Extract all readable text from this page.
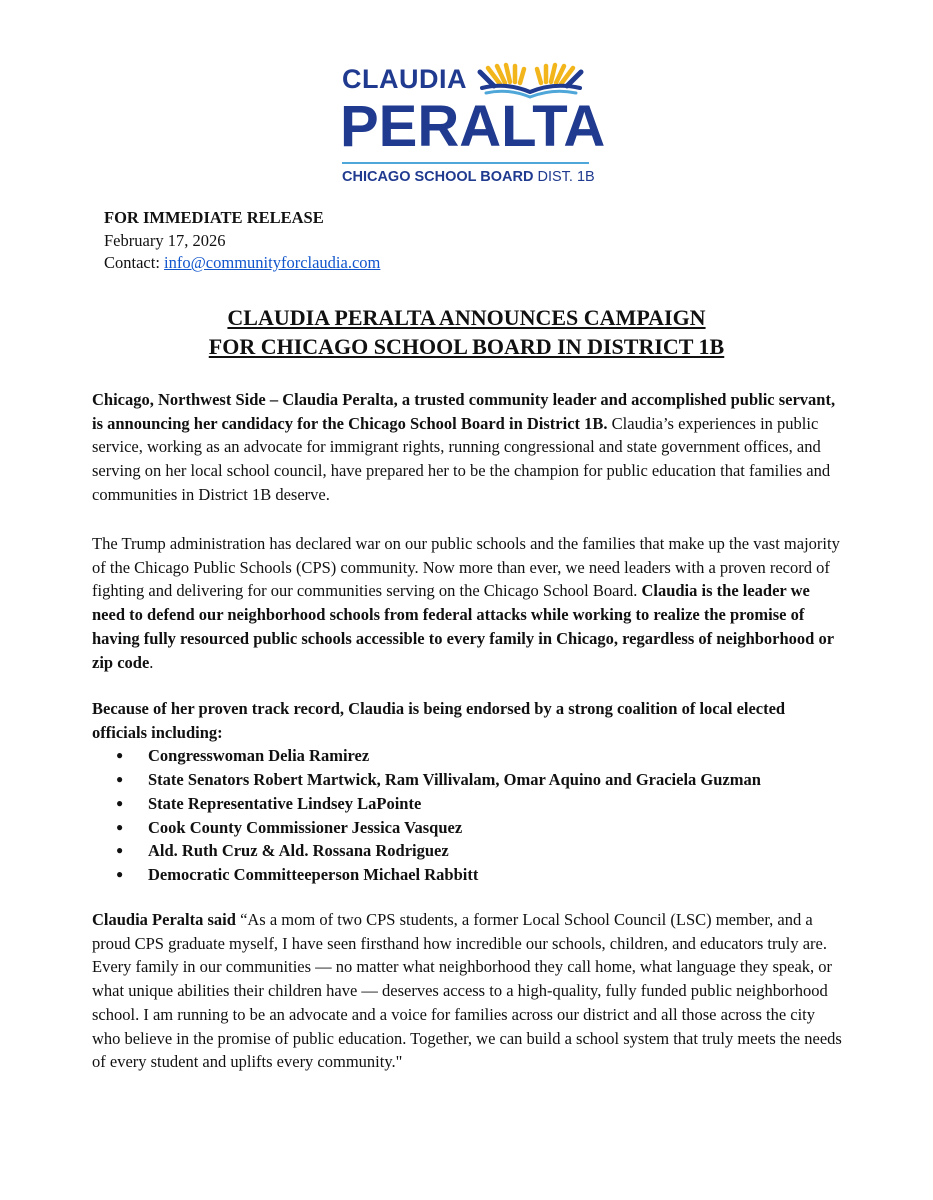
CLAUDIA
PERALTA
CHICAGO SCHOOL BOARD DIST. 1B
FOR IMMEDIATE RELEASE
February 17, 2026
Contact: info@communityforclaudia.com
CLAUDIA PERALTA ANNOUNCES CAMPAIGN
FOR CHICAGO SCHOOL BOARD IN DISTRICT 1B

Chicago, Northwest Side – Claudia Peralta, a trusted community leader and accomplished public servant, is announcing her candidacy for the Chicago School Board in District 1B. Claudia’s experiences in public service, working as an advocate for immigrant rights, running congressional and state government offices, and serving on her local school council, have prepared her to be the champion for public education that families and communities in District 1B deserve.

The Trump administration has declared war on our public schools and the families that make up the vast majority of the Chicago Public Schools (CPS) community. Now more than ever, we need leaders with a proven record of fighting and delivering for our communities serving on the Chicago School Board. Claudia is the leader we need to defend our neighborhood schools from federal attacks while working to realize the promise of having fully resourced public schools accessible to every family in Chicago, regardless of neighborhood or zip code.

Because of her proven track record, Claudia is being endorsed by a strong coalition of local elected officials including:

● Congresswoman Delia Ramirez
● State Senators Robert Martwick, Ram Villivalam, Omar Aquino and Graciela Guzman
● State Representative Lindsey LaPointe
● Cook County Commissioner Jessica Vasquez
● Ald. Ruth Cruz & Ald. Rossana Rodriguez
● Democratic Committeeperson Michael Rabbitt

Claudia Peralta said “As a mom of two CPS students, a former Local School Council (LSC) member, and a proud CPS graduate myself, I have seen firsthand how incredible our schools, children, and educators truly are. Every family in our communities — no matter what neighborhood they call home, what language they speak, or what unique abilities their children have — deserves access to a high-quality, fully funded public neighborhood school. I am running to be an advocate and a voice for families across our district and all those across the city who believe in the promise of public education. Together, we can build a school system that truly meets the needs of every student and uplifts every community."
